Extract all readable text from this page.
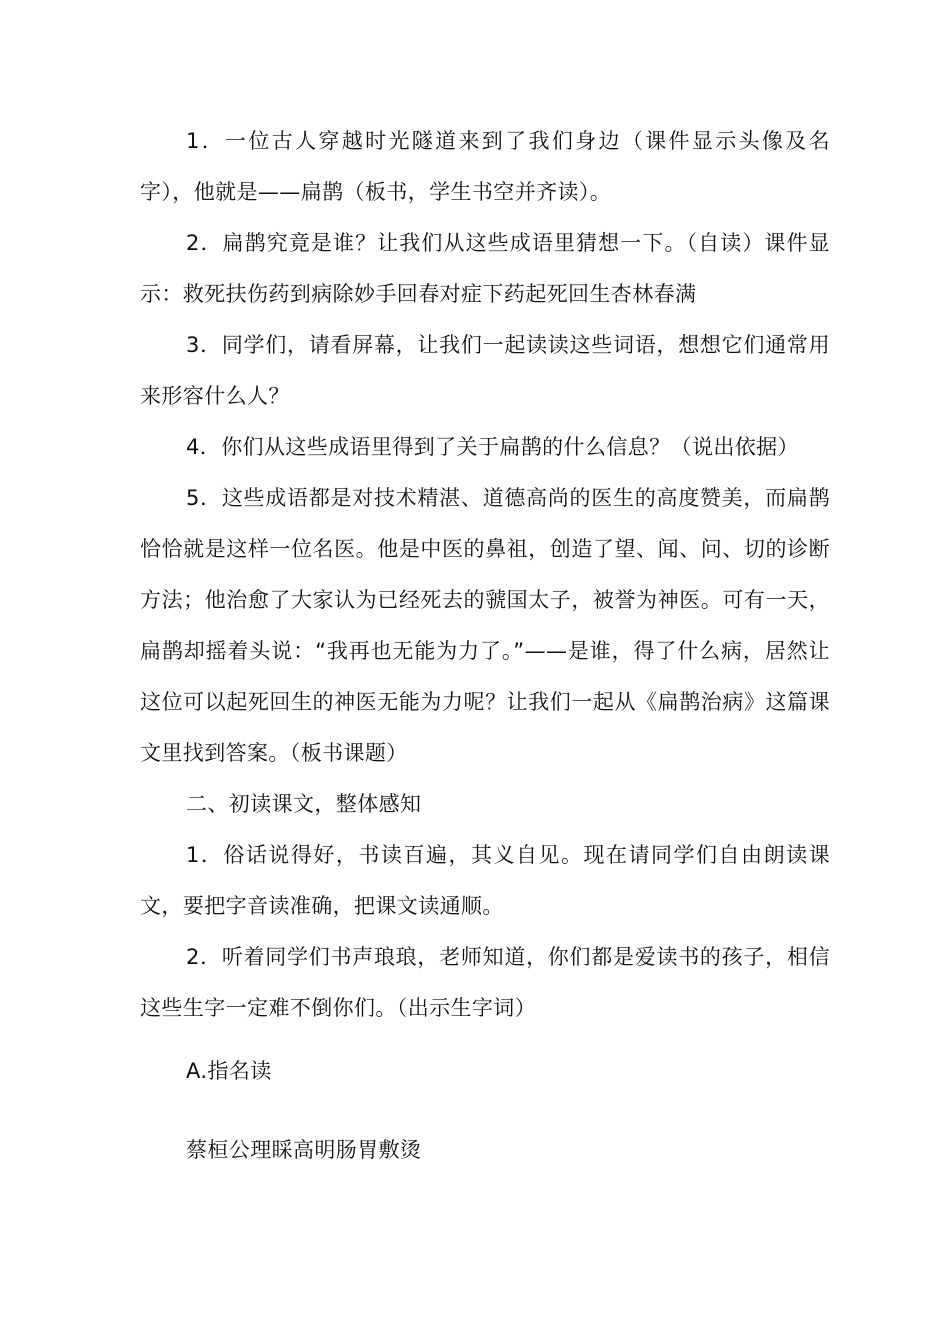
1．一位古人穿越时光隧道来到了我们身边（课件显示头像及名字），他就是——扁鹊（板书，学生书空并齐读）。

2．扁鹊究竟是谁？让我们从这些成语里猜想一下。（自读）课件显示：救死扶伤药到病除妙手回春对症下药起死回生杏林春满

3．同学们，请看屏幕，让我们一起读读这些词语，想想它们通常用来形容什么人？

4．你们从这些成语里得到了关于扁鹊的什么信息？（说出依据）

5．这些成语都是对技术精湛、道德高尚的医生的高度赞美，而扁鹊恰恰就是这样一位名医。他是中医的鼻祖，创造了望、闻、问、切的诊断方法；他治愈了大家认为已经死去的虢国太子，被誉为神医。可有一天，扁鹊却摇着头说：“我再也无能为力了。”——是谁，得了什么病，居然让这位可以起死回生的神医无能为力呢？让我们一起从《扁鹊治病》这篇课文里找到答案。（板书课题）

二、初读课文，整体感知

1．俗话说得好，书读百遍，其义自见。现在请同学们自由朗读课文，要把字音读准确，把课文读通顺。

2．听着同学们书声琅琅，老师知道，你们都是爱读书的孩子，相信这些生字一定难不倒你们。（出示生字词）

A.指名读

蔡桓公理睬高明肠胃敷烫
